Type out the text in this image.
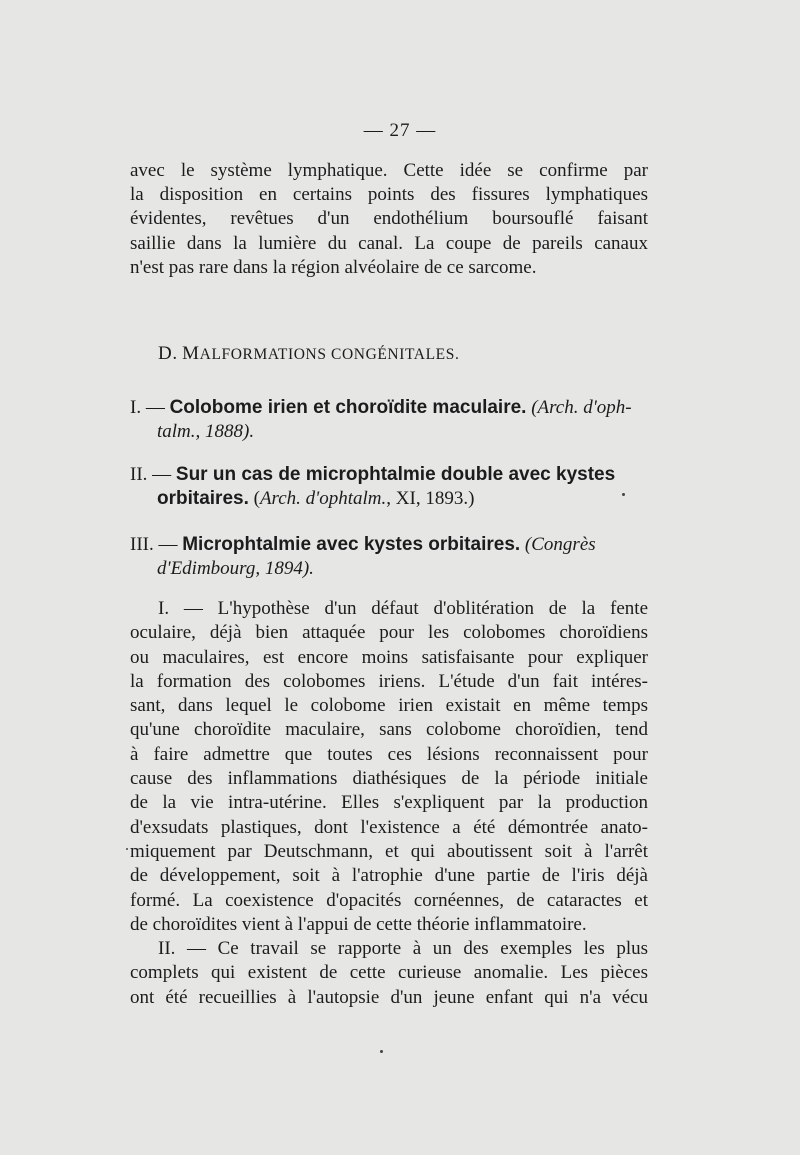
— 27 —
avec le système lymphatique. Cette idée se confirme par
la disposition en certains points des fissures lymphatiques
évidentes, revêtues d'un endothélium boursouflé faisant
saillie dans la lumière du canal. La coupe de pareils canaux
n'est pas rare dans la région alvéolaire de ce sarcome.
D. MALFORMATIONS CONGÉNITALES.
I. — Colobome irien et choroïdite maculaire. (Arch. d'oph-
talm., 1888).
II. — Sur un cas de microphtalmie double avec kystes
orbitaires. (Arch. d'ophtalm., XI, 1893.)
III. — Microphtalmie avec kystes orbitaires. (Congrès
d'Edimbourg, 1894).
I. — L'hypothèse d'un défaut d'oblitération de la fente
oculaire, déjà bien attaquée pour les colobomes choroïdiens
ou maculaires, est encore moins satisfaisante pour expliquer
la formation des colobomes iriens. L'étude d'un fait intéres-
sant, dans lequel le colobome irien existait en même temps
qu'une choroïdite maculaire, sans colobome choroïdien, tend
à faire admettre que toutes ces lésions reconnaissent pour
cause des inflammations diathésiques de la période initiale
de la vie intra-utérine. Elles s'expliquent par la production
d'exsudats plastiques, dont l'existence a été démontrée anato-
miquement par Deutschmann, et qui aboutissent soit à l'arrêt
de développement, soit à l'atrophie d'une partie de l'iris déjà
formé. La coexistence d'opacités cornéennes, de cataractes et
de choroïdites vient à l'appui de cette théorie inflammatoire.
II. — Ce travail se rapporte à un des exemples les plus
complets qui existent de cette curieuse anomalie. Les pièces
ont été recueillies à l'autopsie d'un jeune enfant qui n'a vécu
